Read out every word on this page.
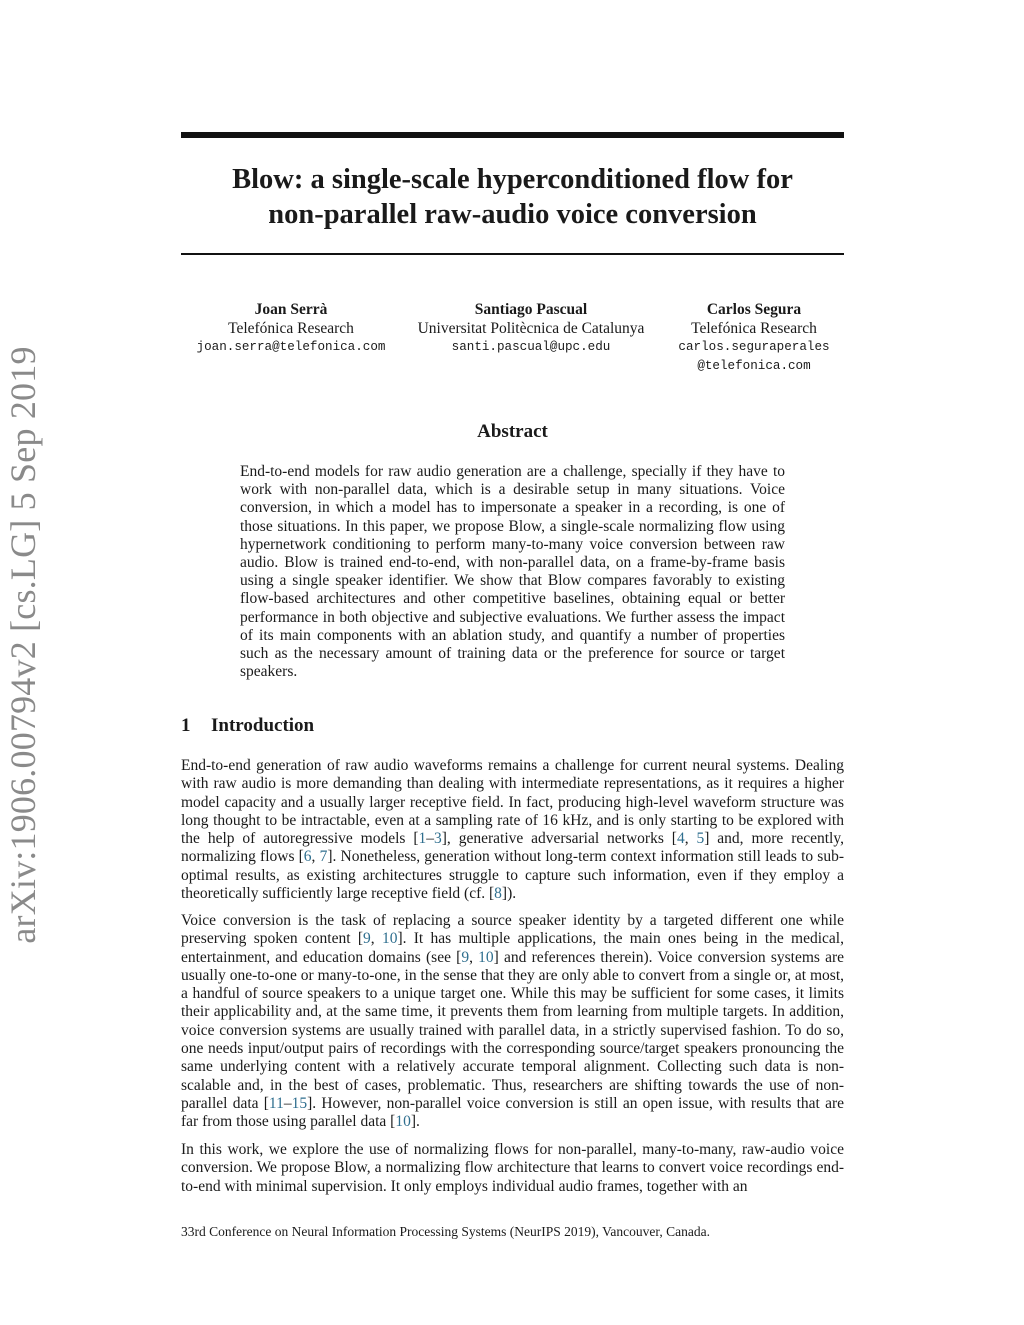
arXiv:1906.00794v2 [cs.LG] 5 Sep 2019
Blow: a single-scale hyperconditioned flow for
non-parallel raw-audio voice conversion
Joan Serrà
Telefónica Research
joan.serra@telefonica.com
Santiago Pascual
Universitat Politècnica de Catalunya
santi.pascual@upc.edu
Carlos Segura
Telefónica Research
carlos.seguraperales
@telefonica.com
Abstract

End-to-end models for raw audio generation are a challenge, specially if they have to work with non-parallel data, which is a desirable setup in many situations. Voice conversion, in which a model has to impersonate a speaker in a recording, is one of those situations. In this paper, we propose Blow, a single-scale normalizing flow using hypernetwork conditioning to perform many-to-many voice conversion between raw audio. Blow is trained end-to-end, with non-parallel data, on a frame-by-frame basis using a single speaker identifier. We show that Blow compares favorably to existing flow-based architectures and other competitive baselines, obtaining equal or better performance in both objective and subjective evaluations. We further assess the impact of its main components with an ablation study, and quantify a number of properties such as the necessary amount of training data or the preference for source or target speakers.

1 Introduction

End-to-end generation of raw audio waveforms remains a challenge for current neural systems. Dealing with raw audio is more demanding than dealing with intermediate representations, as it requires a higher model capacity and a usually larger receptive field. In fact, producing high-level waveform structure was long thought to be intractable, even at a sampling rate of 16 kHz, and is only starting to be explored with the help of autoregressive models [1–3], generative adversarial networks [4, 5] and, more recently, normalizing flows [6, 7]. Nonetheless, generation without long-term context information still leads to sub-optimal results, as existing architectures struggle to capture such information, even if they employ a theoretically sufficiently large receptive field (cf. [8]).

Voice conversion is the task of replacing a source speaker identity by a targeted different one while preserving spoken content [9, 10]. It has multiple applications, the main ones being in the medical, entertainment, and education domains (see [9, 10] and references therein). Voice conversion systems are usually one-to-one or many-to-one, in the sense that they are only able to convert from a single or, at most, a handful of source speakers to a unique target one. While this may be sufficient for some cases, it limits their applicability and, at the same time, it prevents them from learning from multiple targets. In addition, voice conversion systems are usually trained with parallel data, in a strictly supervised fashion. To do so, one needs input/output pairs of recordings with the corresponding source/target speakers pronouncing the same underlying content with a relatively accurate temporal alignment. Collecting such data is non-scalable and, in the best of cases, problematic. Thus, researchers are shifting towards the use of non-parallel data [11–15]. However, non-parallel voice conversion is still an open issue, with results that are far from those using parallel data [10].

In this work, we explore the use of normalizing flows for non-parallel, many-to-many, raw-audio voice conversion. We propose Blow, a normalizing flow architecture that learns to convert voice recordings end-to-end with minimal supervision. It only employs individual audio frames, together with an

33rd Conference on Neural Information Processing Systems (NeurIPS 2019), Vancouver, Canada.
